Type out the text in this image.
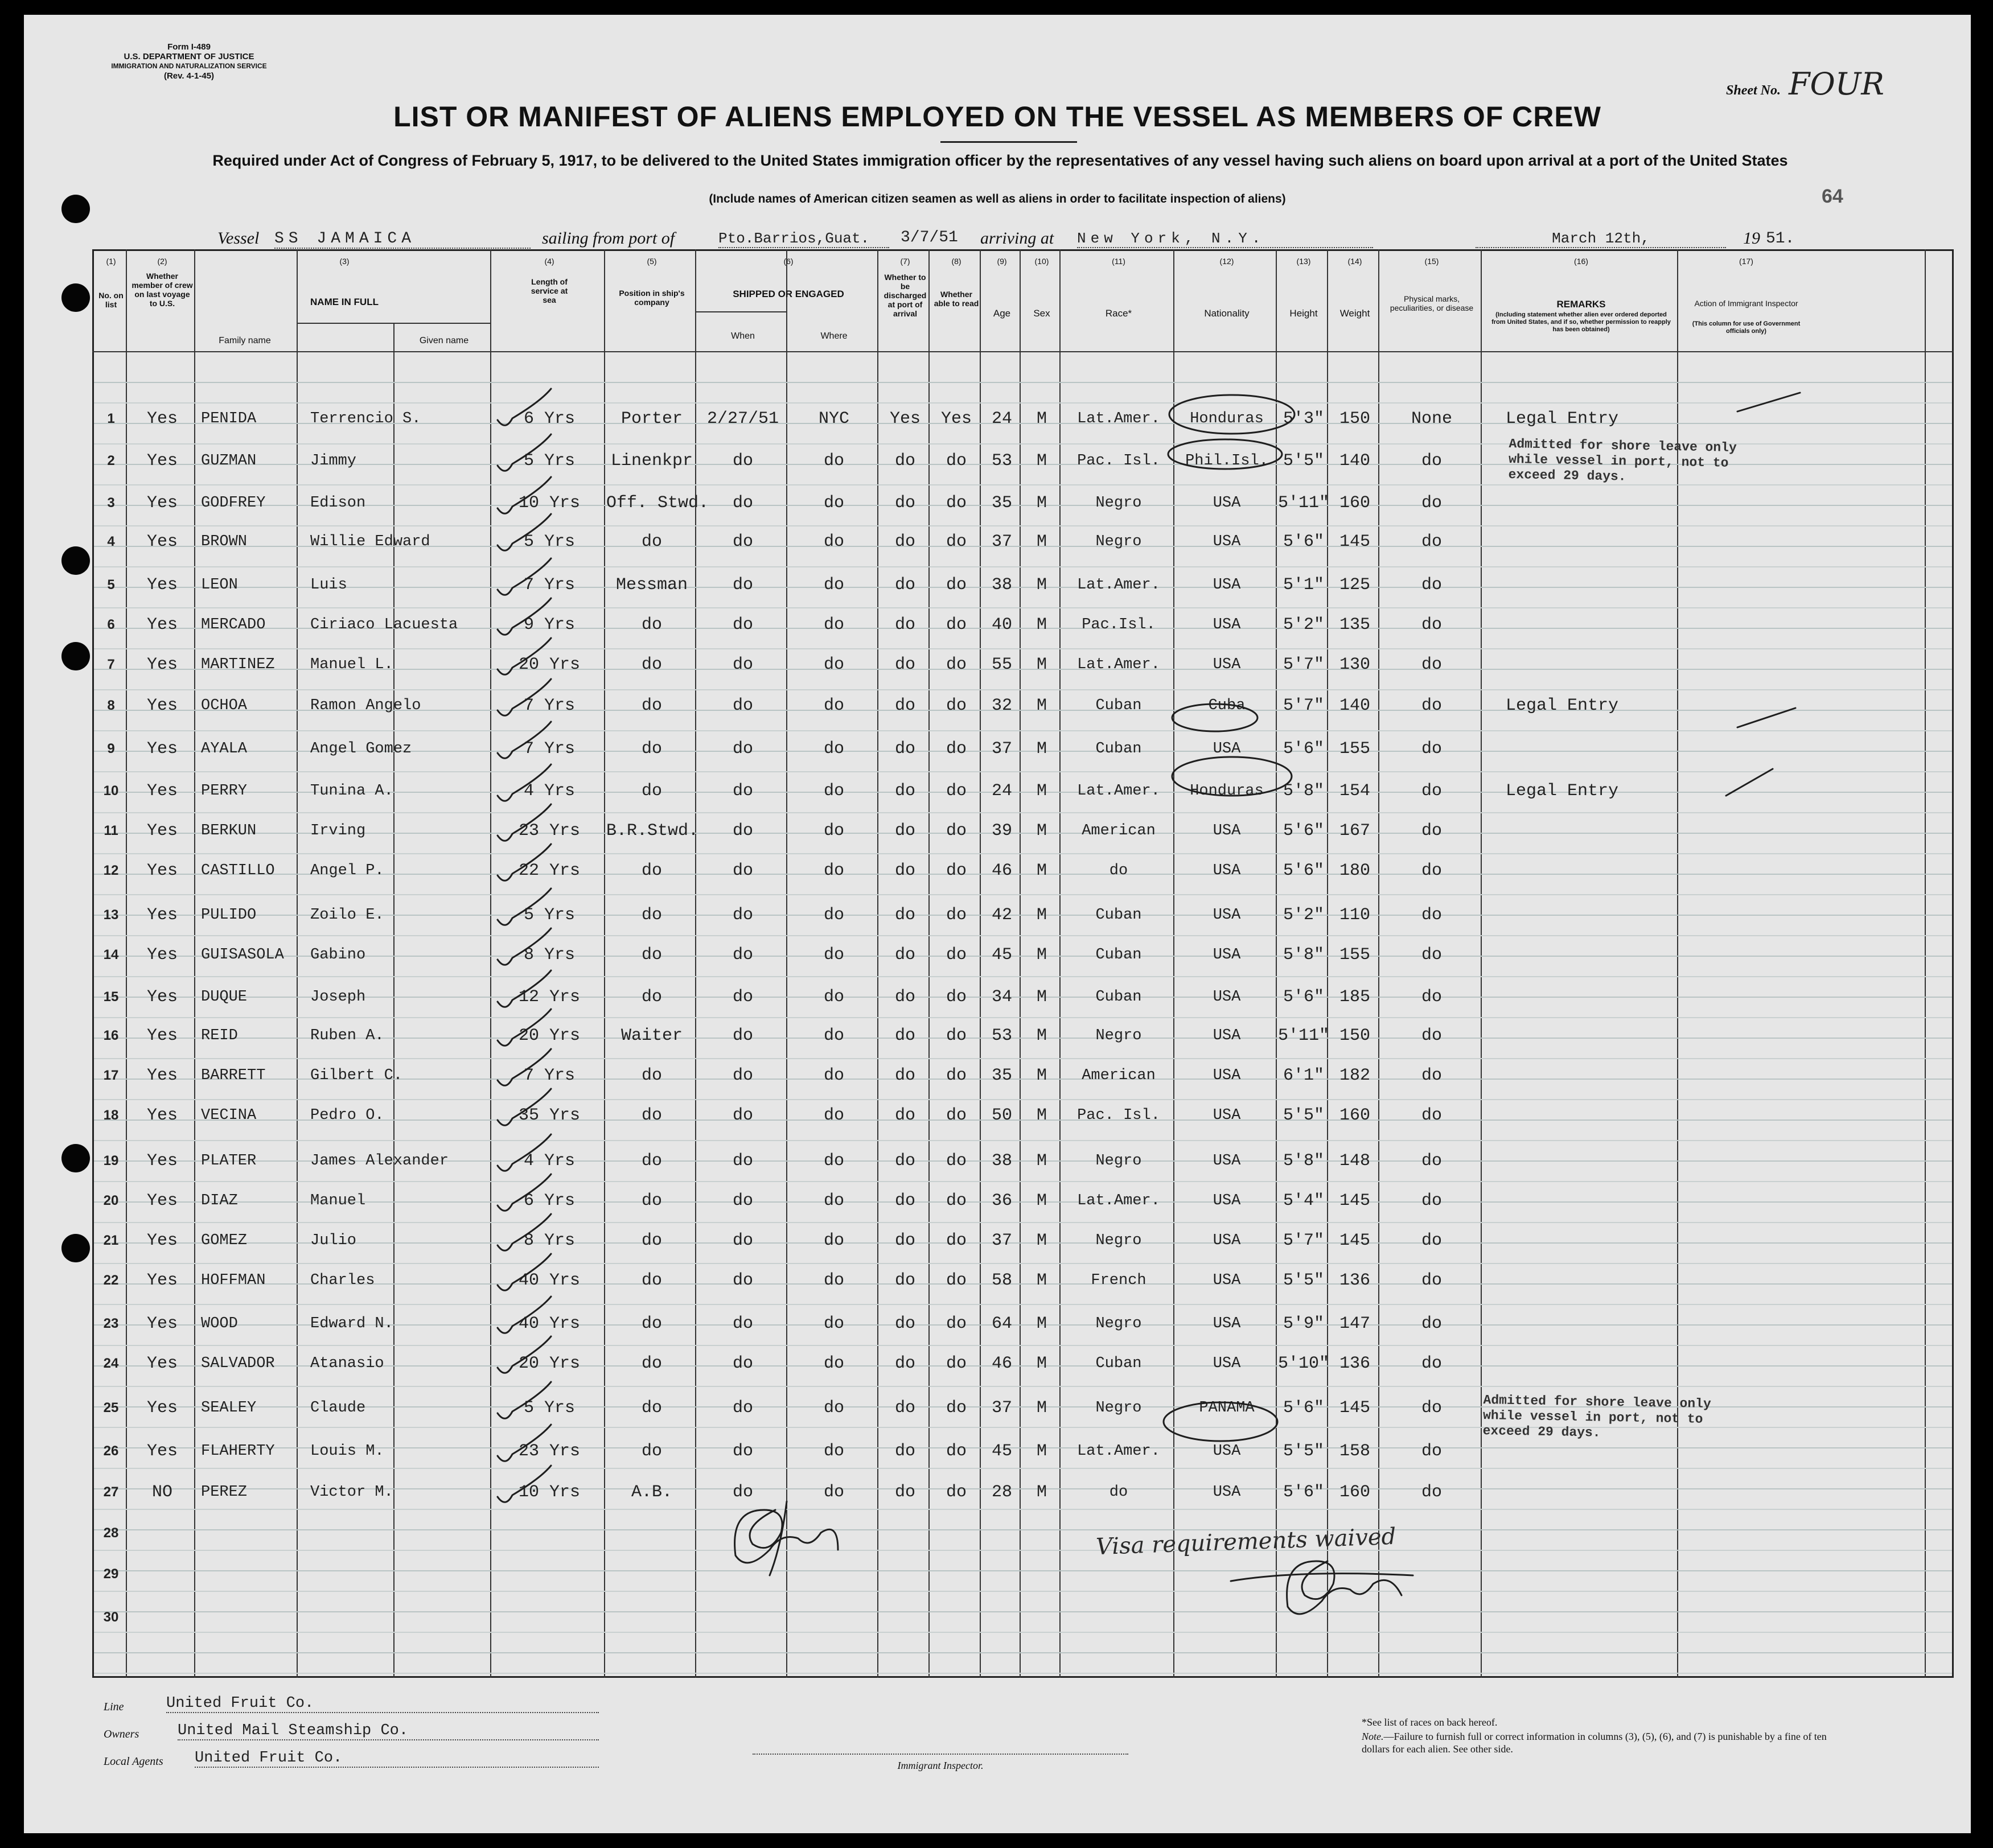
Form I-489
U.S. DEPARTMENT OF JUSTICE
IMMIGRATION AND NATURALIZATION SERVICE
(Rev. 4-1-45)
Sheet No. FOUR
64
LIST OR MANIFEST OF ALIENS EMPLOYED ON THE VESSEL AS MEMBERS OF CREW
Required under Act of Congress of February 5, 1917, to be delivered to the United States immigration officer by the representatives of any vessel having such aliens on board upon arrival at a port of the United States
(Include names of American citizen seamen as well as aliens in order to facilitate inspection of aliens)
Vessel SS JAMAICA	sailing from port of	Pto.Barrios,Guat.	3/7/51 arriving at New York, N.Y.	March 12th,	19 51.
(1)
No. on list
(2)
Whether member of crew on last voyage to U.S.
(3)
NAME IN FULL
Family name	Given name
(4)
Length of service at sea
(5)
Position in ship's company
(6)
SHIPPED OR ENGAGED
When	Where
(7)
Whether to be discharged at port of arrival
(8)
Whether able to read
(9)
Age
(10)
Sex
(11)
Race*
(12)
Nationality
(13)
Height
(14)
Weight
(15)
Physical marks, peculiarities, or disease
(16)
REMARKS
(Including statement whether alien ever ordered deported from United States, and if so, whether permission to reapply has been obtained)
(17)
Action of Immigrant Inspector
(This column for use of Government officials only)
1	Yes	PENIDA	Terrencio S.	6 Yrs	Porter	2/27/51	NYC	Yes	Yes	24	M	Lat.Amer.	Honduras	5'3" 150	None	Legal Entry
2	Yes	GUZMAN	Jimmy	5 Yrs	Linenkpr	do	do	do	do	53	M	Pac. Isl.	Phil.Isl. 5'5" 140	do
3	Yes	GODFREY	Edison	10 Yrs	Off. Stwd.	do	do	do	do	35	M	Negro	USA	5'11" 160	do
4	Yes	BROWN	Willie Edward	5 Yrs	do	do	do	do	do	37	M	Negro	USA	5'6" 145	do
5	Yes	LEON	Luis	7 Yrs	Messman	do	do	do	do	38	M	Lat.Amer.	USA	5'1" 125	do
6	Yes	MERCADO	Ciriaco Lacuesta	9 Yrs	do	do	do	do	do	40	M	Pac.Isl.	USA	5'2" 135	do
7	Yes	MARTINEZ	Manuel L.	20 Yrs	do	do	do	do	do	55	M	Lat.Amer.	USA	5'7" 130	do
8	Yes	OCHOA	Ramon Angelo	7 Yrs	do	do	do	do	do	32	M	Cuban	Cuba	5'7" 140	do	Legal Entry
9	Yes	AYALA	Angel Gomez	7 Yrs	do	do	do	do	do	37	M	Cuban	USA	5'6" 155	do
10	Yes	PERRY	Tunina A.	4 Yrs	do	do	do	do	do	24	M	Lat.Amer.	Honduras	5'8" 154	do	Legal Entry
11	Yes	BERKUN	Irving	23 Yrs	B.R.Stwd.	do	do	do	do	39	M	American	USA	5'6" 167	do
12	Yes	CASTILLO	Angel P.	22 Yrs	do	do	do	do	do	46	M	do	USA	5'6" 180	do
13	Yes	PULIDO	Zoilo E.	5 Yrs	do	do	do	do	do	42	M	Cuban	USA	5'2" 110	do
14	Yes	GUISASOLA	Gabino	8 Yrs	do	do	do	do	do	45	M	Cuban	USA	5'8" 155	do
15	Yes	DUQUE	Joseph	12 Yrs	do	do	do	do	do	34	M	Cuban	USA	5'6" 185	do
16	Yes	REID	Ruben A.	20 Yrs	Waiter	do	do	do	do	53	M	Negro	USA	5'11" 150	do
17	Yes	BARRETT	Gilbert C.	7 Yrs	do	do	do	do	do	35	M	American	USA	6'1" 182	do
18	Yes	VECINA	Pedro O.	35 Yrs	do	do	do	do	do	50	M	Pac. Isl.	USA	5'5" 160	do
19	Yes	PLATER	James Alexander	4 Yrs	do	do	do	do	do	38	M	Negro	USA	5'8" 148	do
20	Yes	DIAZ	Manuel	6 Yrs	do	do	do	do	do	36	M	Lat.Amer.	USA	5'4" 145	do
21	Yes	GOMEZ	Julio	8 Yrs	do	do	do	do	do	37	M	Negro	USA	5'7" 145	do
22	Yes	HOFFMAN	Charles	40 Yrs	do	do	do	do	do	58	M	French	USA	5'5" 136	do
23	Yes	WOOD	Edward N.	40 Yrs	do	do	do	do	do	64	M	Negro	USA	5'9" 147	do
24	Yes	SALVADOR	Atanasio	20 Yrs	do	do	do	do	do	46	M	Cuban	USA	5'10" 136	do
25	Yes	SEALEY	Claude	5 Yrs	do	do	do	do	do	37	M	Negro	PANAMA	5'6" 145	do
26	Yes	FLAHERTY	Louis M.	23 Yrs	do	do	do	do	do	45	M	Lat.Amer.	USA	5'5" 158	do
27	NO	PEREZ	Victor M.	10 Yrs	A.B.	do	do	do	do	28	M	do	USA	5'6" 160	do
28
29
30
Admitted for shore leave only while vessel in port, not to exceed 29 days.
Admitted for shore leave only while vessel in port, not to exceed 29 days.
Visa requirements waived
Line	United Fruit Co.
Owners	United Mail Steamship Co.
Local Agents United Fruit Co.	Immigrant Inspector.
*See list of races on back hereof.
Note.—Failure to furnish full or correct information in columns (3), (5), (6), and (7) is punishable by a fine of ten dollars for each alien. See other side.
